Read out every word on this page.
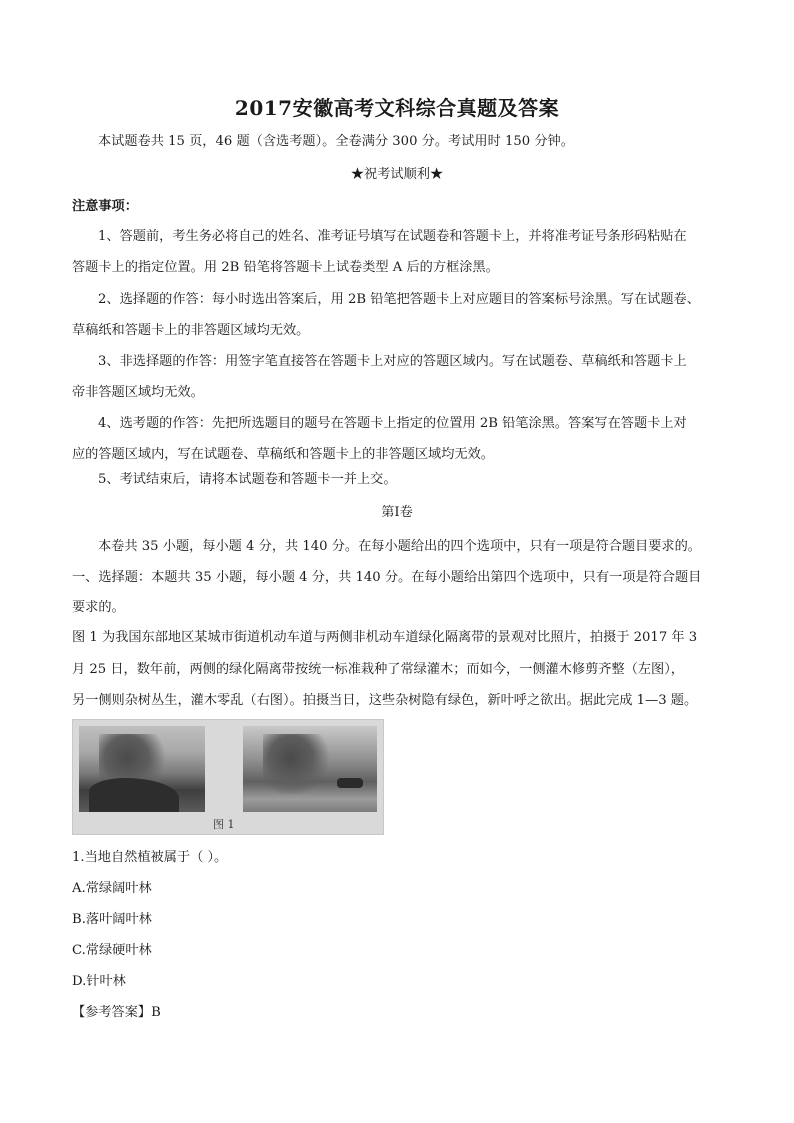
2017安徽高考文科综合真题及答案
本试题卷共 15 页，46 题（含选考题）。全卷满分 300 分。考试用时 150 分钟。
★祝考试顺利★
注意事项：
1、答题前，考生务必将自己的姓名、准考证号填写在试题卷和答题卡上，并将准考证号条形码粘贴在
答题卡上的指定位置。用 2B 铅笔将答题卡上试卷类型 A 后的方框涂黑。
2、选择题的作答：每小时选出答案后，用 2B 铅笔把答题卡上对应题目的答案标号涂黑。写在试题卷、
草稿纸和答题卡上的非答题区域均无效。
3、非选择题的作答：用签字笔直接答在答题卡上对应的答题区域内。写在试题卷、草稿纸和答题卡上
帝非答题区域均无效。
4、选考题的作答：先把所选题目的题号在答题卡上指定的位置用 2B 铅笔涂黑。答案写在答题卡上对
应的答题区域内，写在试题卷、草稿纸和答题卡上的非答题区域均无效。
5、考试结束后，请将本试题卷和答题卡一并上交。
第Ⅰ卷
本卷共 35 小题，每小题 4 分，共 140 分。在每小题给出的四个选项中，只有一项是符合题目要求的。
一、选择题：本题共 35 小题，每小题 4 分，共 140 分。在每小题给出第四个选项中，只有一项是符合题目
要求的。
图 1 为我国东部地区某城市街道机动车道与两侧非机动车道绿化隔离带的景观对比照片，拍摄于 2017 年 3
月 25 日，数年前，两侧的绿化隔离带按统一标准栽种了常绿灌木；而如今，一侧灌木修剪齐整（左图），
另一侧则杂树丛生，灌木零乱（右图）。拍摄当日，这些杂树隐有绿色，新叶呼之欲出。据此完成 1—3 题。
图 1
1.当地自然植被属于（ ）。
A.常绿阔叶林
B.落叶阔叶林
C.常绿硬叶林
D.针叶林
【参考答案】B
